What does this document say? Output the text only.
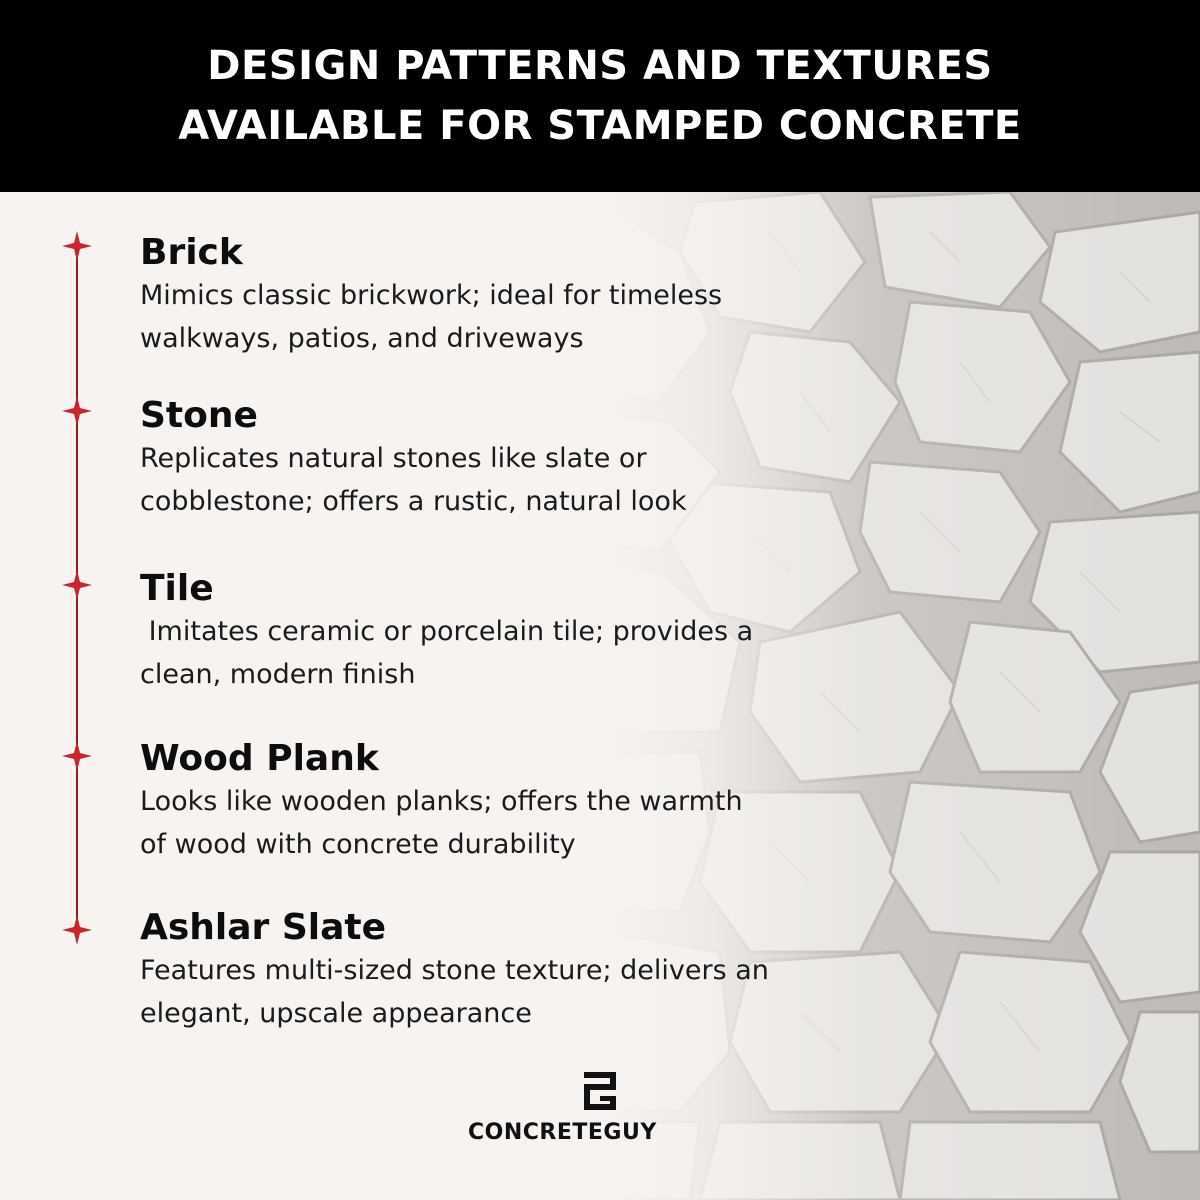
DESIGN PATTERNS AND TEXTURES
AVAILABLE FOR STAMPED CONCRETE
Brick
Mimics classic brickwork; ideal for timeless
walkways, patios, and driveways
Stone
Replicates natural stones like slate or
cobblestone; offers a rustic, natural look
Tile
Imitates ceramic or porcelain tile; provides a
clean, modern finish
Wood Plank
Looks like wooden planks; offers the warmth
of wood with concrete durability
Ashlar Slate
Features multi-sized stone texture; delivers an
elegant, upscale appearance
CONCRETEGUY
